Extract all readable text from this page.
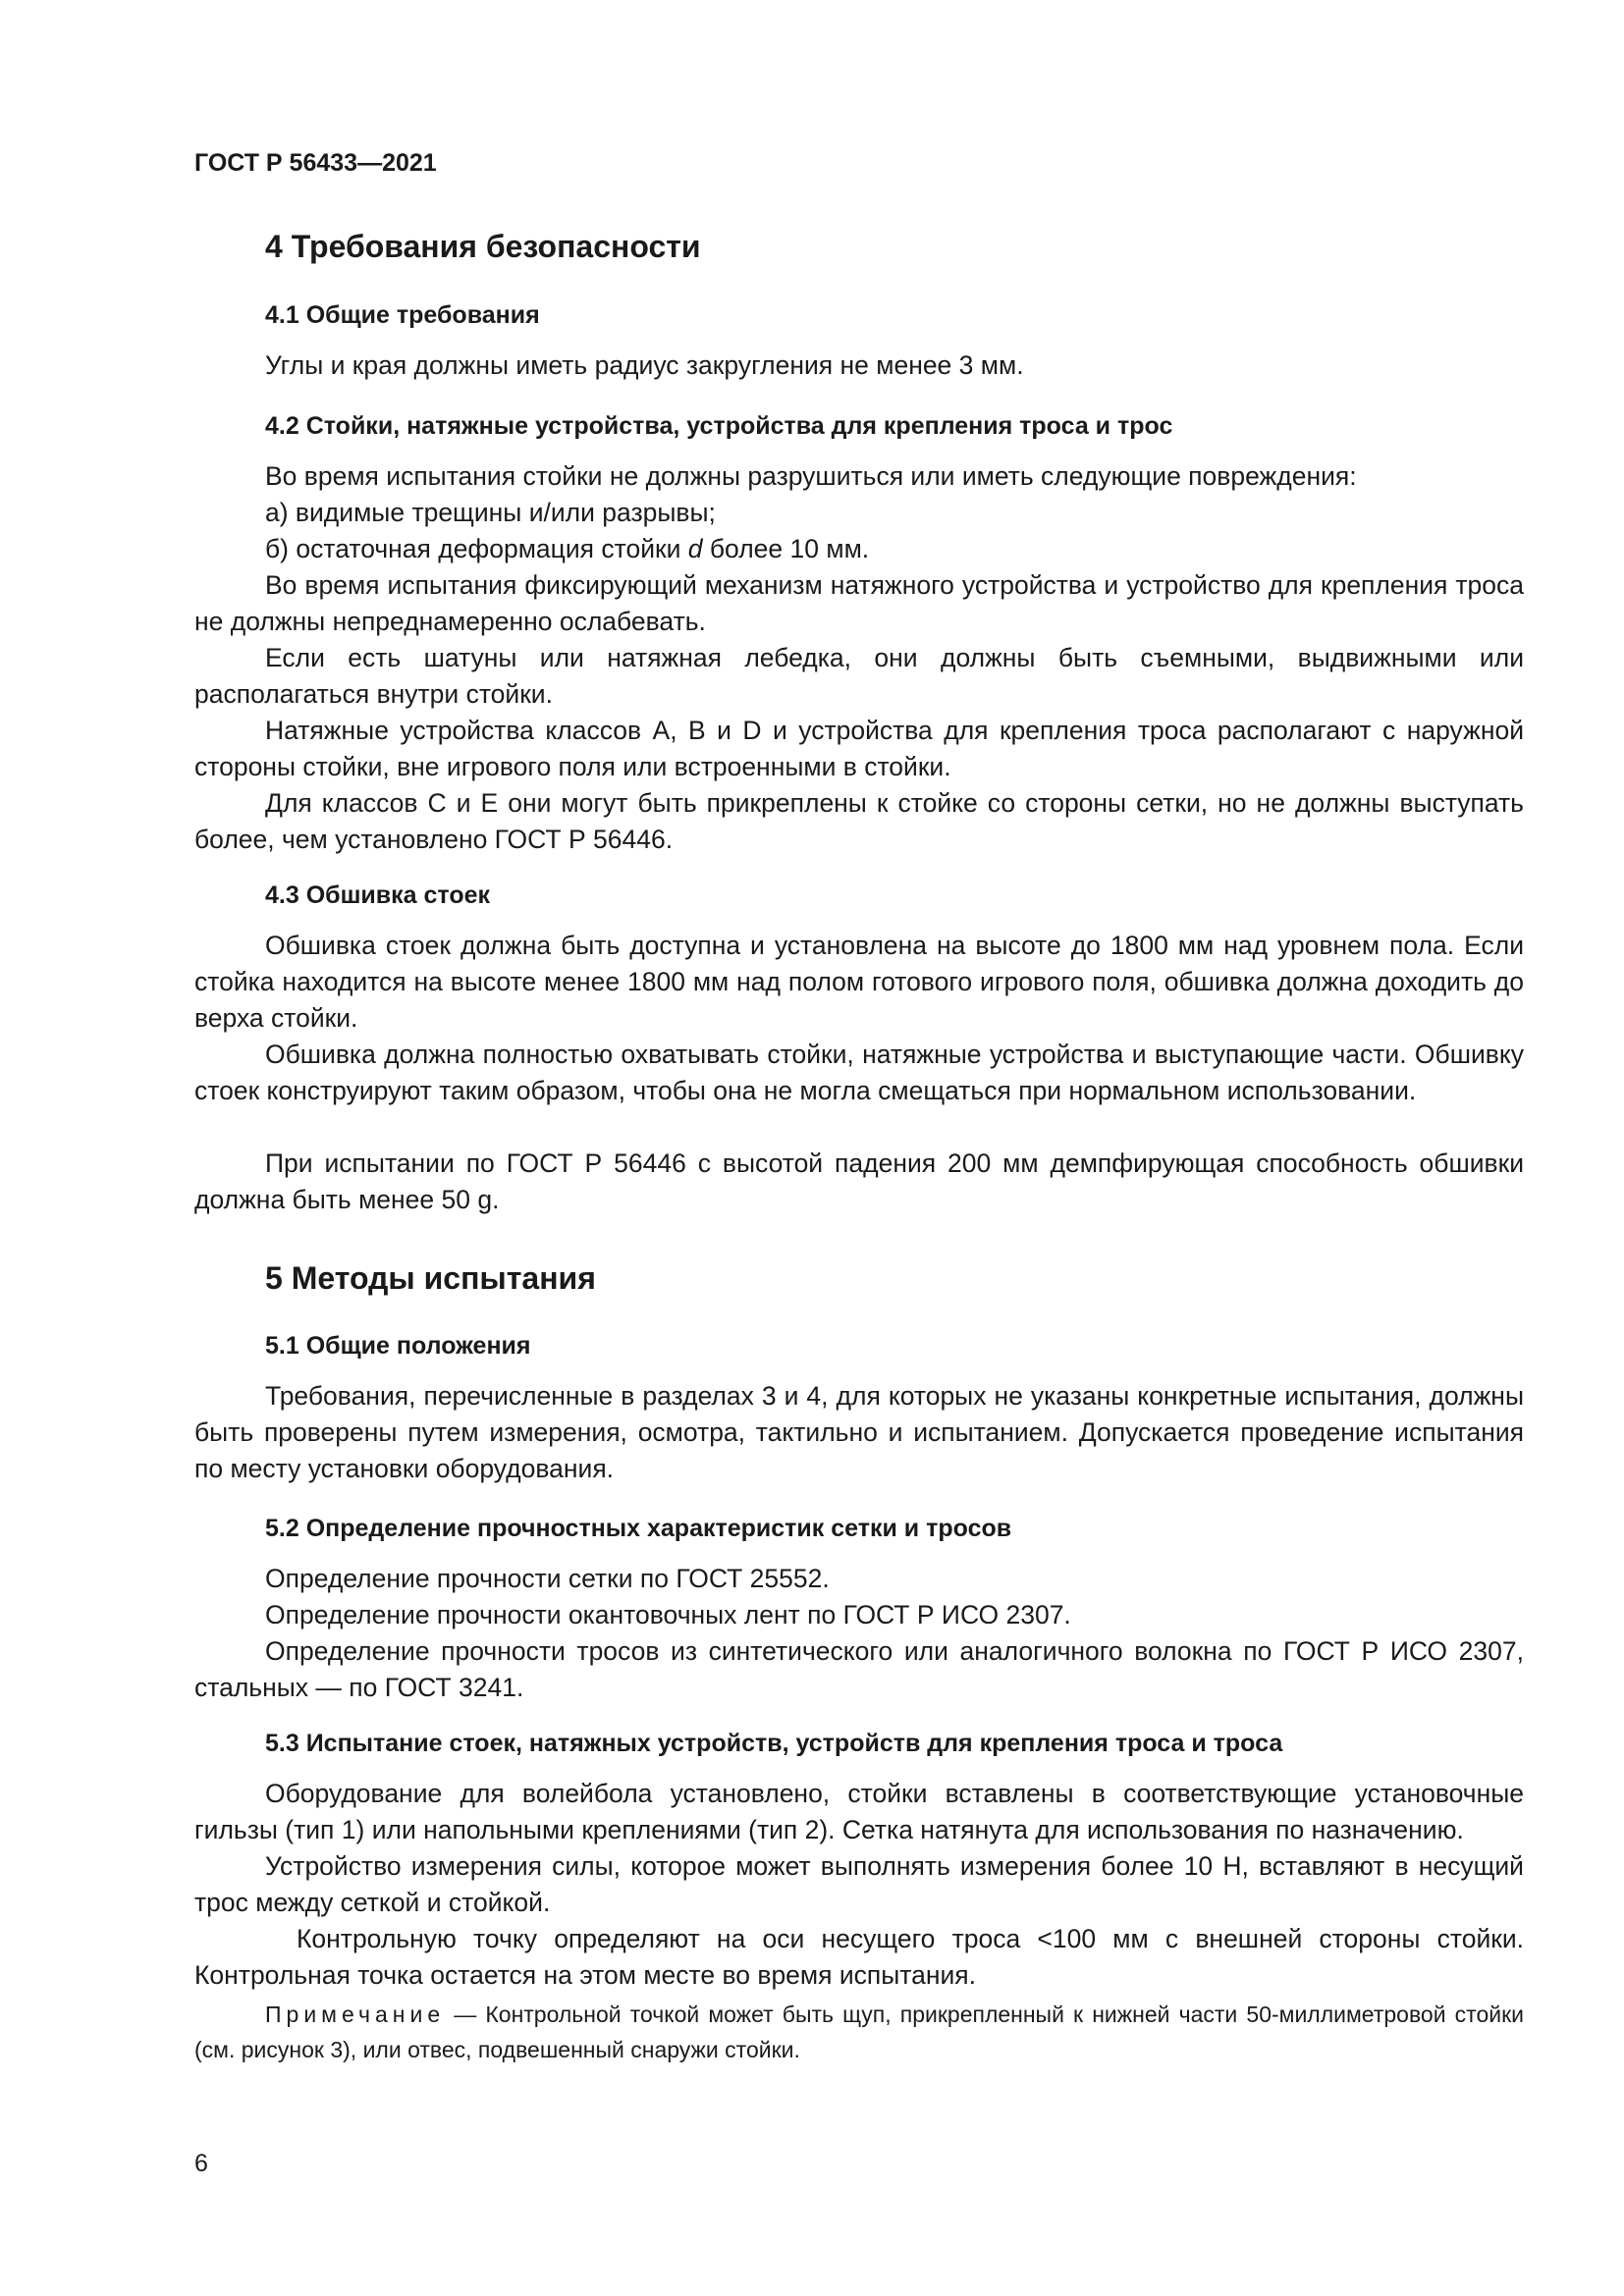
ГОСТ Р 56433—2021
4 Требования безопасности
4.1 Общие требования
Углы и края должны иметь радиус закругления не менее 3 мм.
4.2 Стойки, натяжные устройства, устройства для крепления троса и трос
Во время испытания стойки не должны разрушиться или иметь следующие повреждения:
а) видимые трещины и/или разрывы;
б) остаточная деформация стойки d более 10 мм.
Во время испытания фиксирующий механизм натяжного устройства и устройство для крепления троса не должны непреднамеренно ослабевать.
Если есть шатуны или натяжная лебедка, они должны быть съемными, выдвижными или располагаться внутри стойки.
Натяжные устройства классов A, B и D и устройства для крепления троса располагают с наружной стороны стойки, вне игрового поля или встроенными в стойки.
Для классов C и E они могут быть прикреплены к стойке со стороны сетки, но не должны выступать более, чем установлено ГОСТ Р 56446.
4.3 Обшивка стоек
Обшивка стоек должна быть доступна и установлена на высоте до 1800 мм над уровнем пола. Если стойка находится на высоте менее 1800 мм над полом готового игрового поля, обшивка должна доходить до верха стойки.
Обшивка должна полностью охватывать стойки, натяжные устройства и выступающие части. Обшивку стоек конструируют таким образом, чтобы она не могла смещаться при нормальном использовании.
При испытании по ГОСТ Р 56446 с высотой падения 200 мм демпфирующая способность обшивки должна быть менее 50 g.
5 Методы испытания
5.1 Общие положения
Требования, перечисленные в разделах 3 и 4, для которых не указаны конкретные испытания, должны быть проверены путем измерения, осмотра, тактильно и испытанием. Допускается проведение испытания по месту установки оборудования.
5.2 Определение прочностных характеристик сетки и тросов
Определение прочности сетки по ГОСТ 25552.
Определение прочности окантовочных лент по ГОСТ Р ИСО 2307.
Определение прочности тросов из синтетического или аналогичного волокна по ГОСТ Р ИСО 2307, стальных — по ГОСТ 3241.
5.3 Испытание стоек, натяжных устройств, устройств для крепления троса и троса
Оборудование для волейбола установлено, стойки вставлены в соответствующие установочные гильзы (тип 1) или напольными креплениями (тип 2). Сетка натянута для использования по назначению.
Устройство измерения силы, которое может выполнять измерения более 10 Н, вставляют в несущий трос между сеткой и стойкой.
Контрольную точку определяют на оси несущего троса <100 мм с внешней стороны стойки. Контрольная точка остается на этом месте во время испытания.
Примечание — Контрольной точкой может быть щуп, прикрепленный к нижней части 50-миллиметровой стойки (см. рисунок 3), или отвес, подвешенный снаружи стойки.
6
